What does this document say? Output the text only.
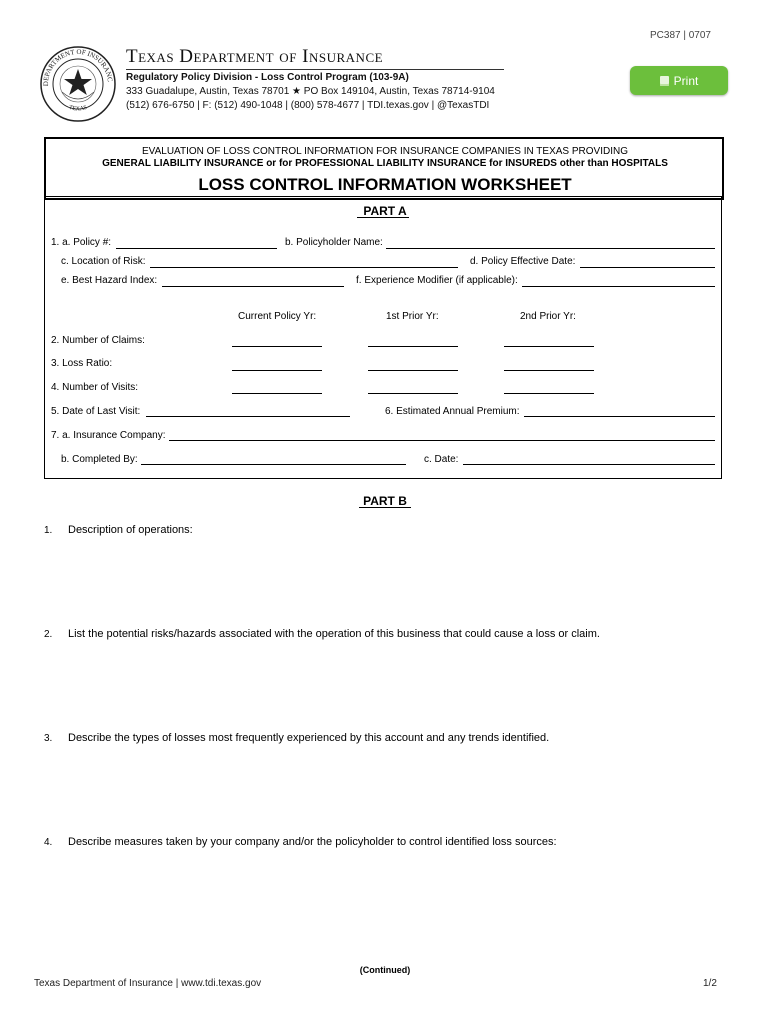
PC387 | 0707
DEPARTMENT OF INSURANC
TEXAS
Texas Department of Insurance
Regulatory Policy Division - Loss Control Program (103-9A)
333 Guadalupe, Austin, Texas 78701 ★ PO Box 149104, Austin, Texas 78714-9104
(512) 676-6750 | F: (512) 490-1048 | (800) 578-4677 | TDI.texas.gov | @TexasTDI
Print
EVALUATION OF LOSS CONTROL INFORMATION FOR INSURANCE COMPANIES IN TEXAS PROVIDING
GENERAL LIABILITY INSURANCE or for PROFESSIONAL LIABILITY INSURANCE for INSUREDS other than HOSPITALS
LOSS CONTROL INFORMATION WORKSHEET
PART A
1. a. Policy #:	b. Policyholder Name:
c. Location of Risk:	d. Policy Effective Date:
e. Best Hazard Index:	f. Experience Modifier (if applicable):
Current Policy Yr:	1st Prior Yr:	2nd Prior Yr:
2. Number of Claims:
3. Loss Ratio:
4. Number of Visits:
5. Date of Last Visit:	6. Estimated Annual Premium:
7. a. Insurance Company:
b. Completed By:	c. Date:
PART B
1. Description of operations:
2. List the potential risks/hazards associated with the operation of this business that could cause a loss or claim.
3. Describe the types of losses most frequently experienced by this account and any trends identified.
4. Describe measures taken by your company and/or the policyholder to control identified loss sources:
(Continued)
Texas Department of Insurance | www.tdi.texas.gov	1/2
